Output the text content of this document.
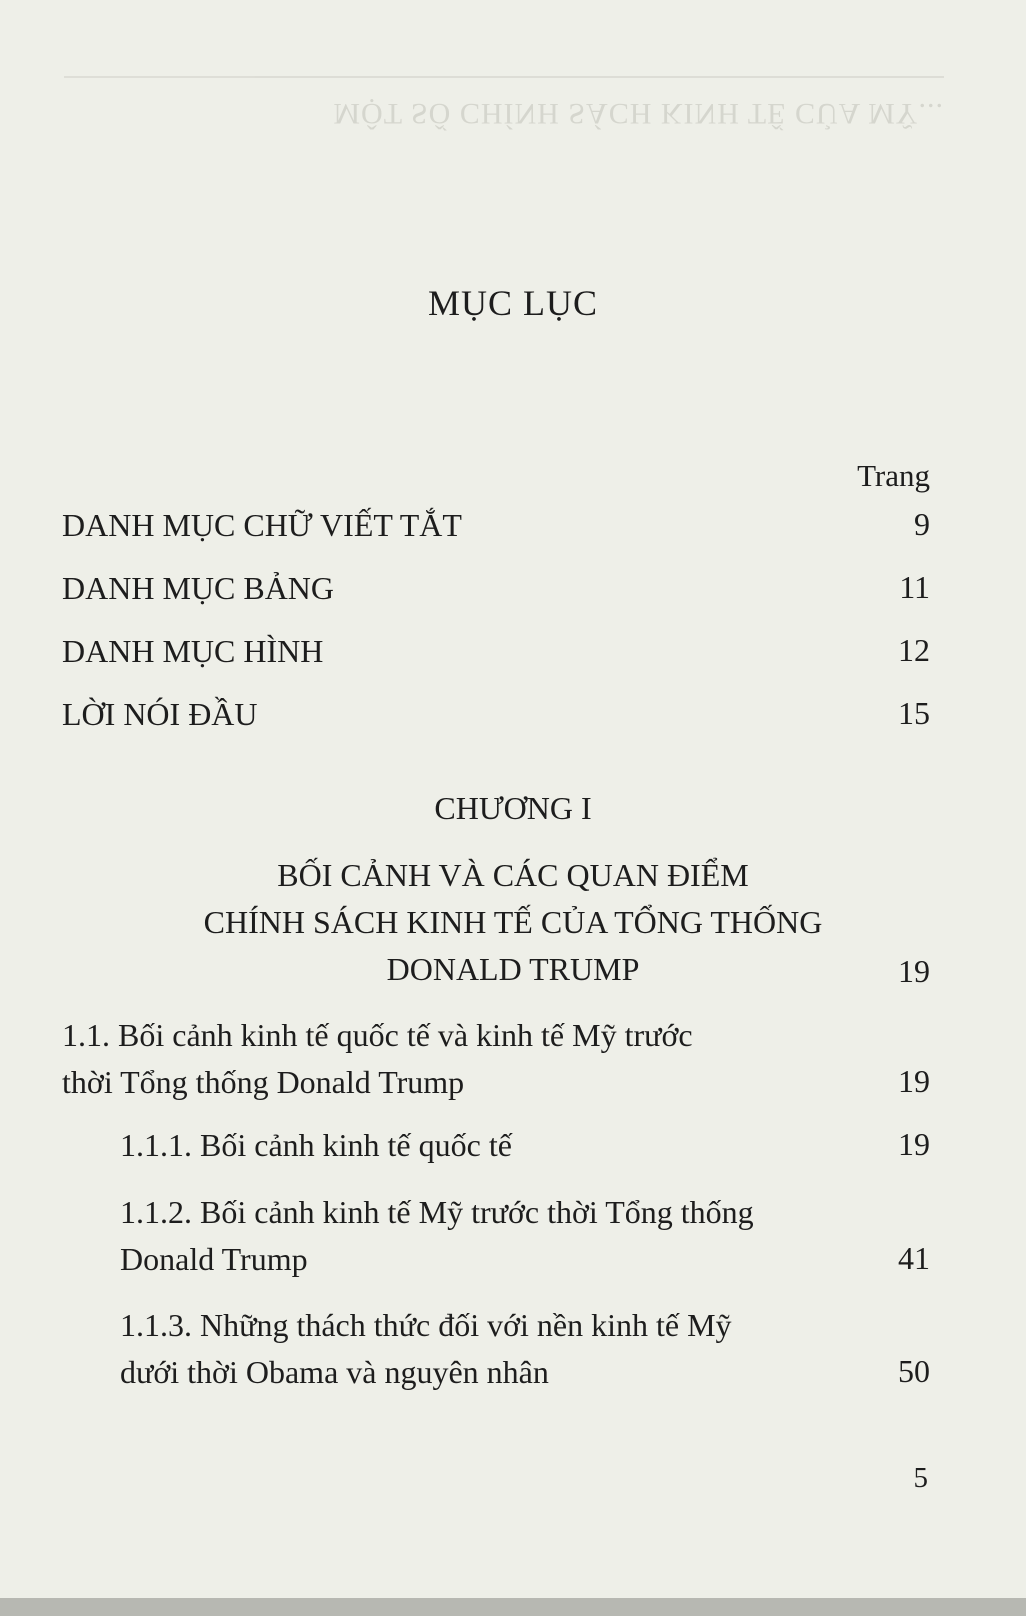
MỘT SỐ CHÍNH SÁCH KINH TẾ CỦA MỸ...
MỤC LỤC
Trang
DANH MỤC CHỮ VIẾT TẮT	9
DANH MỤC BẢNG	11
DANH MỤC HÌNH	12
LỜI NÓI ĐẦU	15
CHƯƠNG I
BỐI CẢNH VÀ CÁC QUAN ĐIỂM
CHÍNH SÁCH KINH TẾ CỦA TỔNG THỐNG
DONALD TRUMP	19
1.1. Bối cảnh kinh tế quốc tế và kinh tế Mỹ trước
thời Tổng thống Donald Trump	19
1.1.1. Bối cảnh kinh tế quốc tế	19
1.1.2. Bối cảnh kinh tế Mỹ trước thời Tổng thống
Donald Trump	41
1.1.3. Những thách thức đối với nền kinh tế Mỹ
dưới thời Obama và nguyên nhân	50
5
